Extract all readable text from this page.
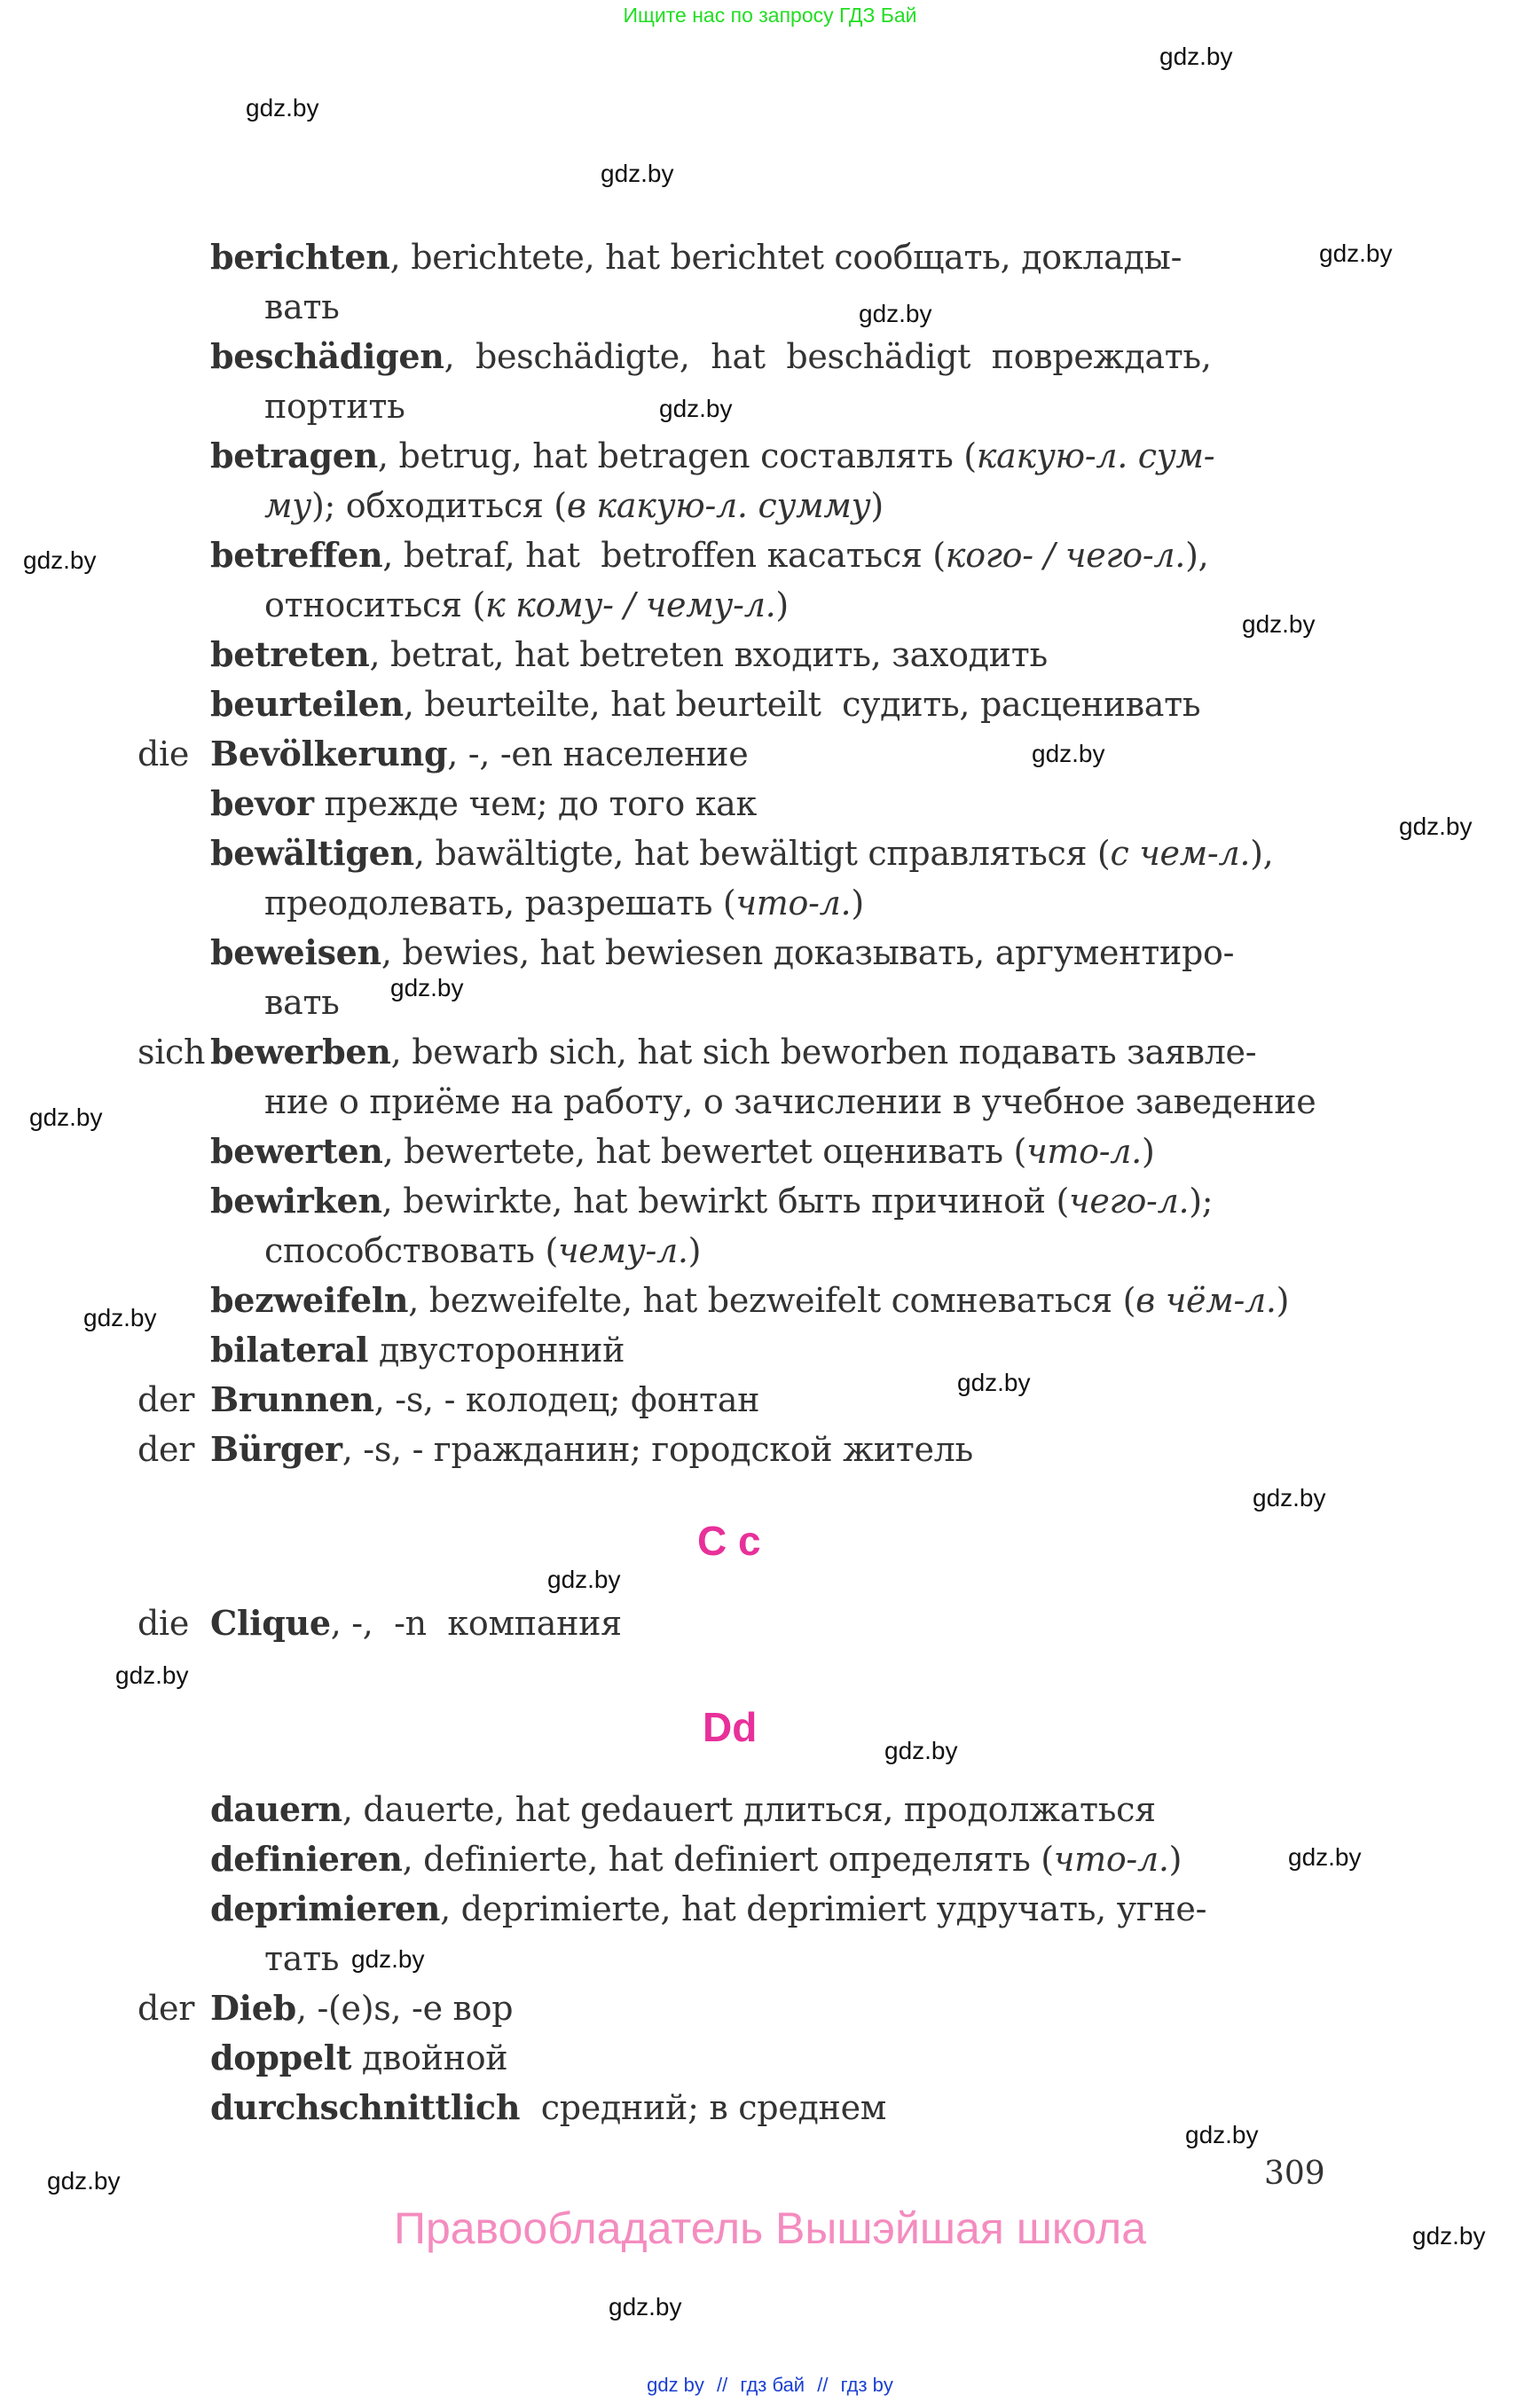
Ищите нас по запросу ГДЗ Бай
berichten, berichtete, hat berichtet сообщать, доклады-
вать
beschädigen,  beschädigte,  hat  beschädigt  повреждать,
портить
betragen, betrug, hat betragen составлять (какую-л. сум-
му); обходиться (в какую-л. сумму)
betreffen, betraf, hat  betroffen касаться (кого- / чего-л.),
относиться (к кому- / чему-л.)
betreten, betrat, hat betreten входить, заходить
beurteilen, beurteilte, hat beurteilt  судить, расценивать
die Bevölkerung, -, -en население
bevor прежде чем; до того как
bewältigen, bawältigte, hat bewältigt справляться (с чем-л.),
преодолевать, разрешать (что-л.)
beweisen, bewies, hat bewiesen доказывать, аргументиро-
вать
sich bewerben, bewarb sich, hat sich beworben подавать заявле-
ние о приёме на работу, о зачислении в учебное заведение
bewerten, bewertete, hat bewertet оценивать (что-л.)
bewirken, bewirkte, hat bewirkt быть причиной (чего-л.);
способствовать (чему-л.)
bezweifeln, bezweifelte, hat bezweifelt сомневаться (в чём-л.)
bilateral двусторонний
der Brunnen, -s, - колодец; фонтан
der Bürger, -s, - гражданин; городской житель
C c
die Clique, -,  -n  компания
Dd
dauern, dauerte, hat gedauert длиться, продолжаться
definieren, definierte, hat definiert определять (что-л.)
deprimieren, deprimierte, hat deprimiert удручать, угне-
тать
der Dieb, -(e)s, -e вор
doppelt двойной
durchschnittlich  средний; в среднем
309
Правообладатель Вышэйшая школа
gdz by // гдз бай // гдз by
gdz.by
gdz.by
gdz.by
gdz.by
gdz.by
gdz.by
gdz.by
gdz.by
gdz.by
gdz.by
gdz.by
gdz.by
gdz.by
gdz.by
gdz.by
gdz.by
gdz.by
gdz.by
gdz.by
gdz.by
gdz.by
gdz.by
gdz.by
gdz.by
